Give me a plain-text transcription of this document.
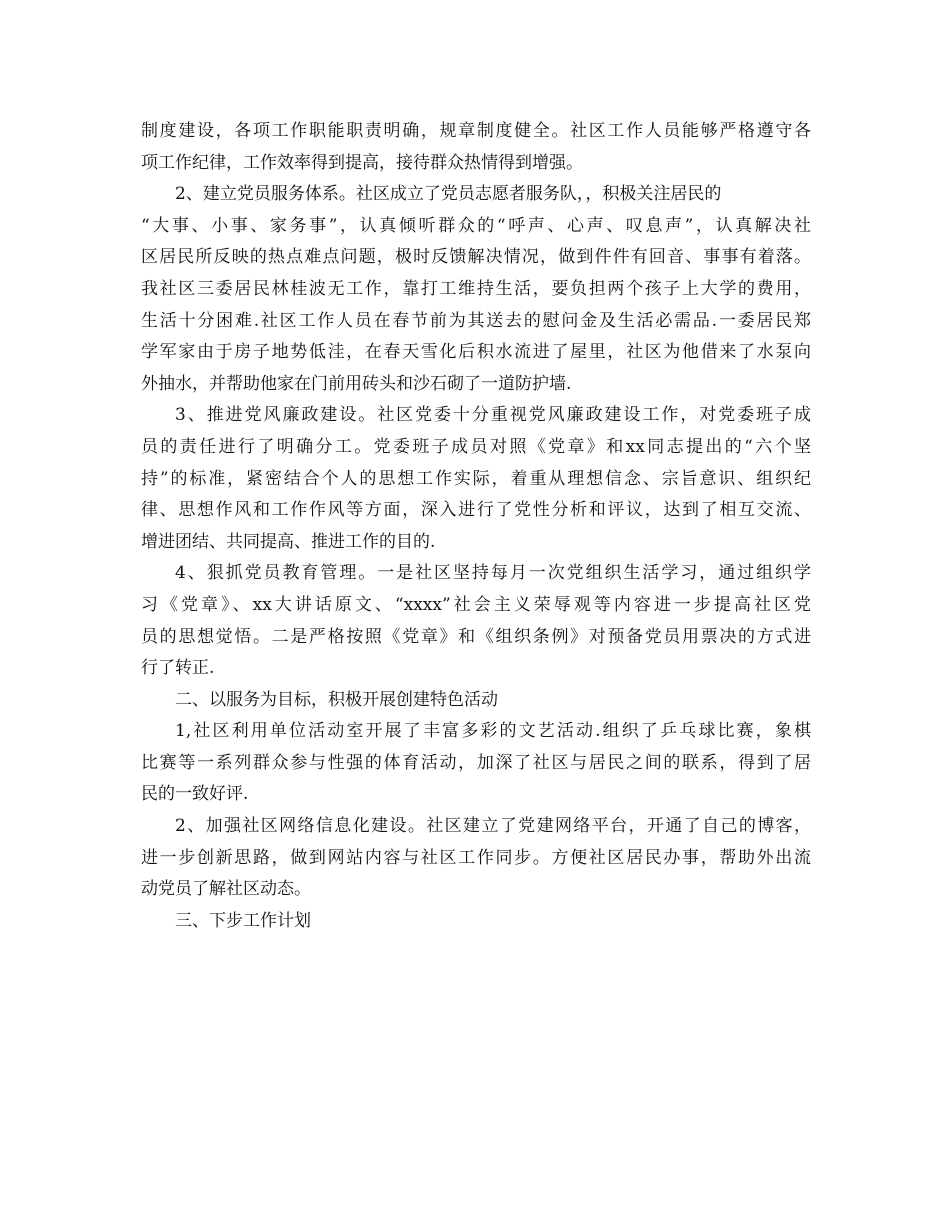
制度建设，各项工作职能职责明确，规章制度健全。社区工作人员能够严格遵守各
项工作纪律，工作效率得到提高，接待群众热情得到增强。
2、建立党员服务体系。社区成立了党员志愿者服务队，，积极关注居民的
“大事、小事、家务事”，认真倾听群众的“呼声、心声、叹息声”，认真解决社
区居民所反映的热点难点问题，极时反馈解决情况，做到件件有回音、事事有着落。
我社区三委居民林桂波无工作，靠打工维持生活，要负担两个孩子上大学的费用，
生活十分困难.社区工作人员在春节前为其送去的慰问金及生活必需品.一委居民郑
学军家由于房子地势低洼，在春天雪化后积水流进了屋里，社区为他借来了水泵向
外抽水，并帮助他家在门前用砖头和沙石砌了一道防护墙.
3、推进党风廉政建设。社区党委十分重视党风廉政建设工作，对党委班子成
员的责任进行了明确分工。党委班子成员对照《党章》和xx同志提出的“六个坚
持”的标准，紧密结合个人的思想工作实际，着重从理想信念、宗旨意识、组织纪
律、思想作风和工作作风等方面，深入进行了党性分析和评议，达到了相互交流、
增进团结、共同提高、推进工作的目的.
4、狠抓党员教育管理。一是社区坚持每月一次党组织生活学习，通过组织学
习《党章》、xx大讲话原文、“xxxx”社会主义荣辱观等内容进一步提高社区党
员的思想觉悟。二是严格按照《党章》和《组织条例》对预备党员用票决的方式进
行了转正.
二、以服务为目标，积极开展创建特色活动
1,社区利用单位活动室开展了丰富多彩的文艺活动.组织了乒乓球比赛，象棋
比赛等一系列群众参与性强的体育活动，加深了社区与居民之间的联系，得到了居
民的一致好评.
2、加强社区网络信息化建设。社区建立了党建网络平台，开通了自己的博客，
进一步创新思路，做到网站内容与社区工作同步。方便社区居民办事，帮助外出流
动党员了解社区动态。
三、下步工作计划
